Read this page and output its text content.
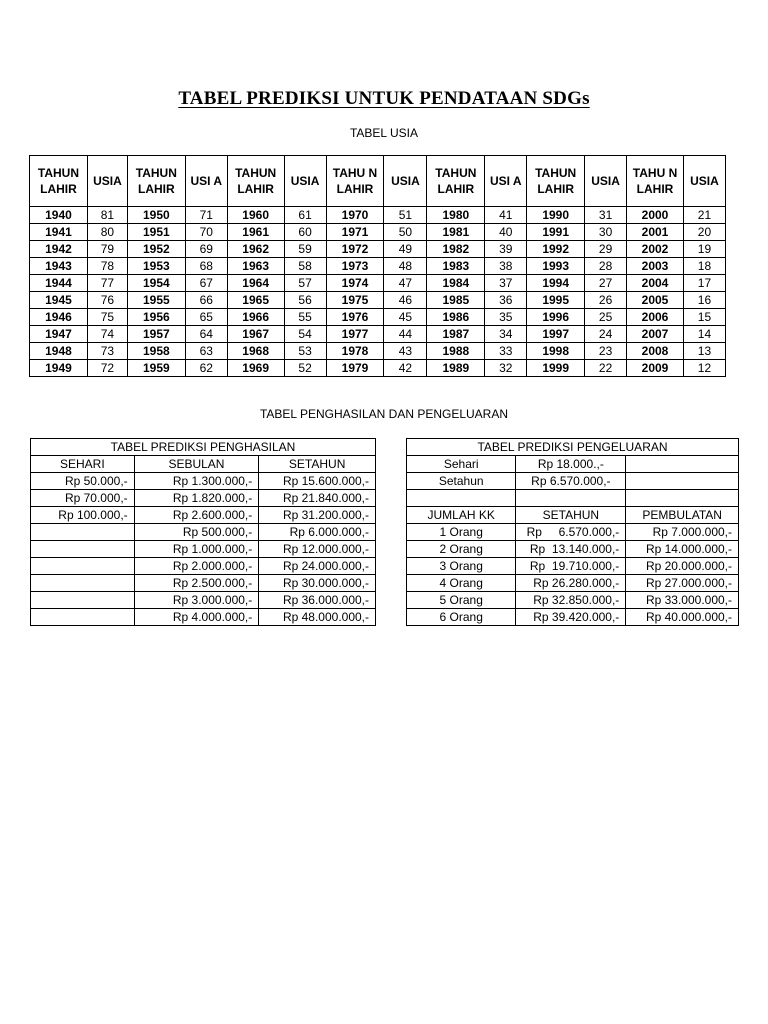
TABEL PREDIKSI UNTUK PENDATAAN SDGs
TABEL USIA
TAHUN LAHIR	USIA	TAHUN LAHIR	USI A	TAHUN LAHIR	USIA	TAHU N LAHIR	USIA	TAHUN LAHIR	USI A	TAHUN LAHIR	USIA	TAHU N LAHIR	USIA
1940	81	1950	71	1960	61	1970	51	1980	41	1990	31	2000	21
1941	80	1951	70	1961	60	1971	50	1981	40	1991	30	2001	20
1942	79	1952	69	1962	59	1972	49	1982	39	1992	29	2002	19
1943	78	1953	68	1963	58	1973	48	1983	38	1993	28	2003	18
1944	77	1954	67	1964	57	1974	47	1984	37	1994	27	2004	17
1945	76	1955	66	1965	56	1975	46	1985	36	1995	26	2005	16
1946	75	1956	65	1966	55	1976	45	1986	35	1996	25	2006	15
1947	74	1957	64	1967	54	1977	44	1987	34	1997	24	2007	14
1948	73	1958	63	1968	53	1978	43	1988	33	1998	23	2008	13
1949	72	1959	62	1969	52	1979	42	1989	32	1999	22	2009	12
TABEL PENGHASILAN DAN PENGELUARAN
TABEL PREDIKSI PENGHASILAN		
SEHARI	SEBULAN	SETAHUN
Rp 50.000,-	Rp 1.300.000,-	Rp 15.600.000,-
Rp 70.000,-	Rp 1.820.000,-	Rp 21.840.000,-
Rp 100.000,-	Rp 2.600.000,-	Rp 31.200.000,-
	Rp 500.000,-	Rp 6.000.000,-
	Rp 1.000.000,-	Rp 12.000.000,-
	Rp 2.000.000,-	Rp 24.000.000,-
	Rp 2.500.000,-	Rp 30.000.000,-
	Rp 3.000.000,-	Rp 36.000.000,-
	Rp 4.000.000,-	Rp 48.000.000,-
TABEL PREDIKSI PENGELUARAN		
Sehari	Rp 18.000.,-	
Setahun	Rp 6.570.000,-	

JUMLAH KK	SETAHUN	PEMBULATAN
1 Orang	Rp     6.570.000,-	Rp 7.000.000,-
2 Orang	Rp  13.140.000,-	Rp 14.000.000,-
3 Orang	Rp  19.710.000,-	Rp 20.000.000,-
4 Orang	Rp 26.280.000,-	Rp 27.000.000,-
5 Orang	Rp 32.850.000,-	Rp 33.000.000,-
6 Orang	Rp 39.420.000,-	Rp 40.000.000,-
